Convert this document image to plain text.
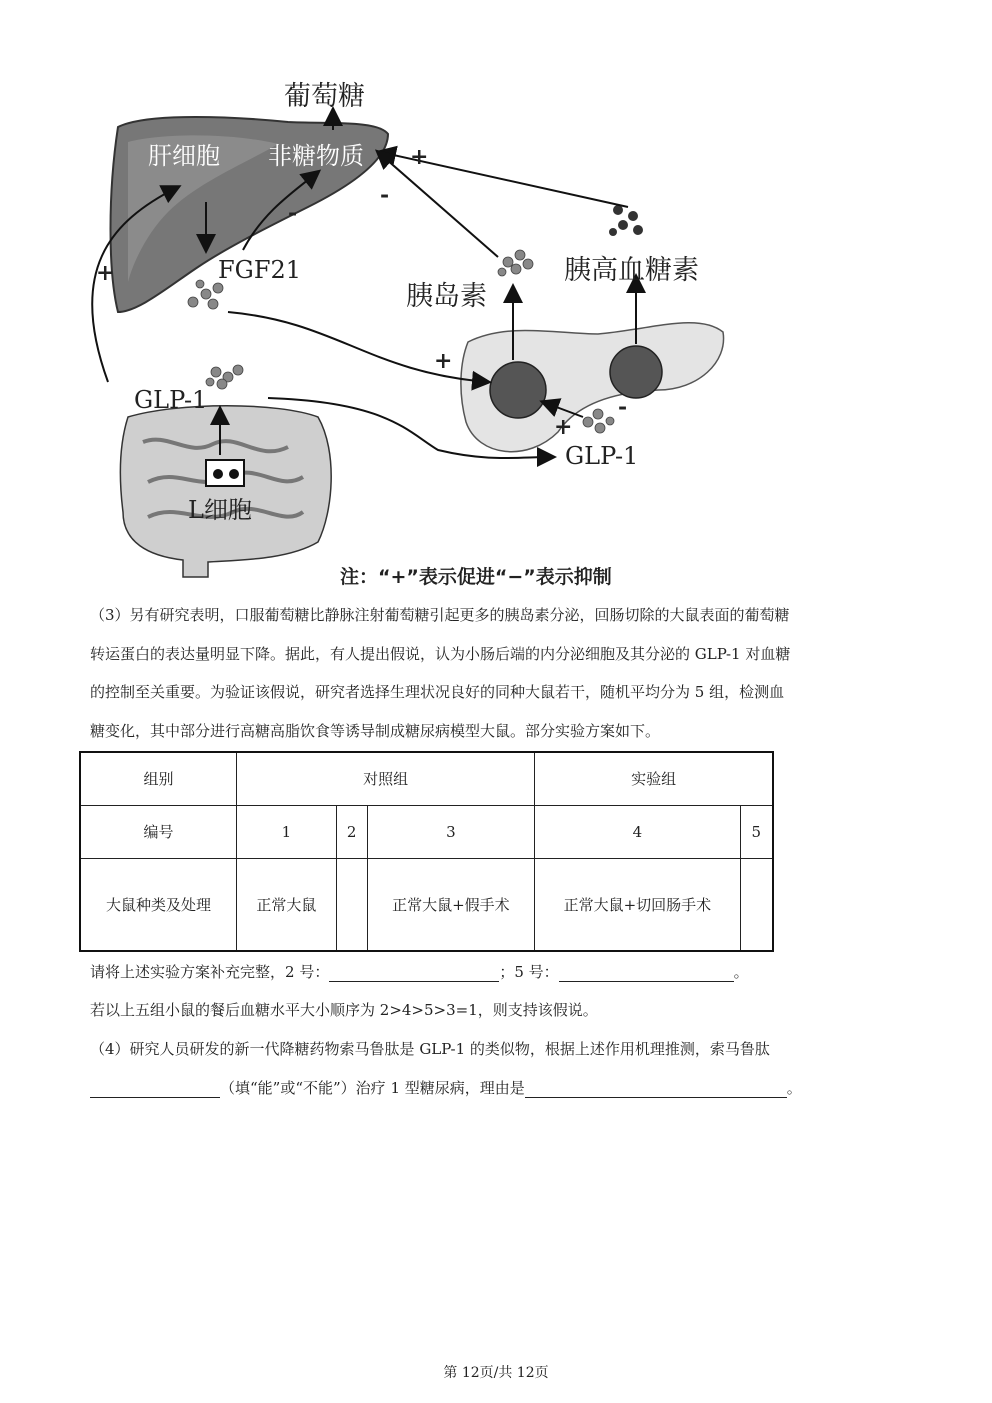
葡萄糖
肝细胞 非糖物质
FGF21
胰岛素
胰高血糖素
GLP-1
GLP-1
L细胞
+
-
-
+
+
+
-
注：“+”表示促进“−”表示抑制

（3）另有研究表明，口服葡萄糖比静脉注射葡萄糖引起更多的胰岛素分泌，回肠切除的大鼠表面的葡萄糖

转运蛋白的表达量明显下降。据此，有人提出假说，认为小肠后端的内分泌细胞及其分泌的 GLP-1 对血糖

的控制至关重要。为验证该假说，研究者选择生理状况良好的同种大鼠若干，随机平均分为 5 组，检测血

糖变化，其中部分进行高糖高脂饮食等诱导制成糖尿病模型大鼠。部分实验方案如下。

组别	对照组			实验组	
编号	1	2	3	4	5
大鼠种类及处理	正常大鼠		正常大鼠+假手术	正常大鼠+切回肠手术	
请将上述实验方案补充完整，2 号：	；5 号：	。
若以上五组小鼠的餐后血糖水平大小顺序为 2>4>5>3=1，则支持该假说。
（4）研究人员研发的新一代降糖药物索马鲁肽是 GLP-1 的类似物，根据上述作用机理推测，索马鲁肽
（填“能”或“不能”）治疗 1 型糖尿病，理由是	。
第 12页/共 12页
